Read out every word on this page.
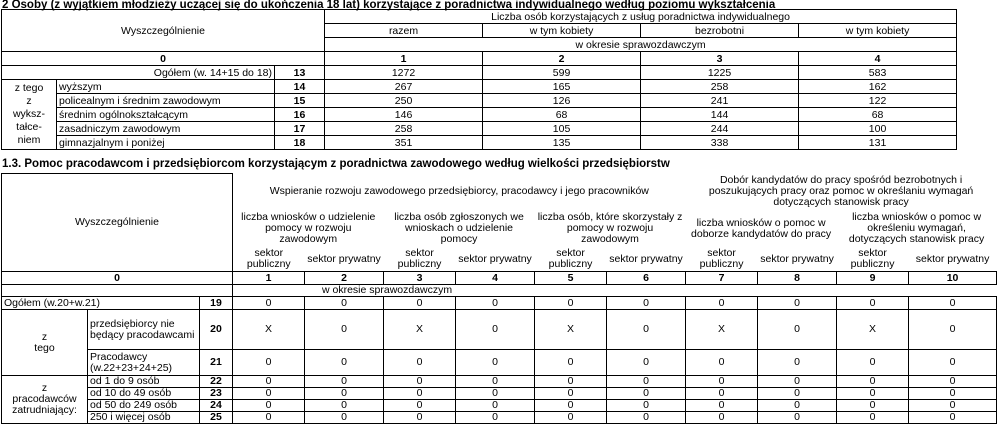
2 Osoby (z wyjątkiem młodzieży uczącej się do ukończenia 18 lat) korzystające z poradnictwa indywidualnego według poziomu wykształcenia
Wyszczególnienie			Liczba osób korzystających z usług poradnictwa indywidualnego			
			razem	w tym kobiety	bezrobotni	w tym kobiety
			w okresie sprawozdawczym			
0			1	2	3	4
Ogółem (w. 14+15 do 18)		13	1272	599	1225	583
z tego
z
wyksz-
tałce-
niem	wyższym	14	267	165	258	162
	policealnym i średnim zawodowym	15	250	126	241	122
	średnim ogólnokształcącym	16	146	68	144	68
	zasadniczym zawodowym	17	258	105	244	100
	gimnazjalnym i poniżej	18	351	135	338	131
1.3. Pomoc pracodawcom i przedsiębiorcom korzystającym z poradnictwa zawodowego według wielkości przedsiębiorstw
Wyszczególnienie			Wspieranie rozwoju zawodowego przedsiębiorcy, pracodawcy i jego pracowników						Dobór kandydatów do pracy spośród bezrobotnych i poszukujących pracy oraz pomoc w określaniu wymagań dotyczących stanowisk pracy			
			liczba wniosków o udzielenie pomocy w rozwoju zawodowym		liczba osób zgłoszonych we wnioskach o udzielenie pomocy		liczba osób, które skorzystały z pomocy w rozwoju zawodowym		liczba wniosków o pomoc w doborze kandydatów do pracy		liczba wniosków o pomoc w określeniu wymagań, dotyczących stanowisk pracy	
			sektor publiczny	sektor prywatny	sektor publiczny	sektor prywatny	sektor publiczny	sektor prywatny	sektor publiczny	sektor prywatny	sektor publiczny	sektor prywatny
0			1	2	3	4	5	6	7	8	9	10
w okresie sprawozdawczym												
Ogółem (w.20+w.21)		19	0	0	0	0	0	0	0	0	0	0
z
tego	przedsiębiorcy nie będący pracodawcami	20	X	0	X	0	X	0	X	0	X	0
	Pracodawcy (w.22+23+24+25)	21	0	0	0	0	0	0	0	0	0	0
z
pracodawców
zatrudniający:	od 1 do 9 osób	22	0	0	0	0	0	0	0	0	0	0
	od 10 do 49 osób	23	0	0	0	0	0	0	0	0	0	0
	od 50 do 249 osób	24	0	0	0	0	0	0	0	0	0	0
	250 i więcej osób	25	0	0	0	0	0	0	0	0	0	0
